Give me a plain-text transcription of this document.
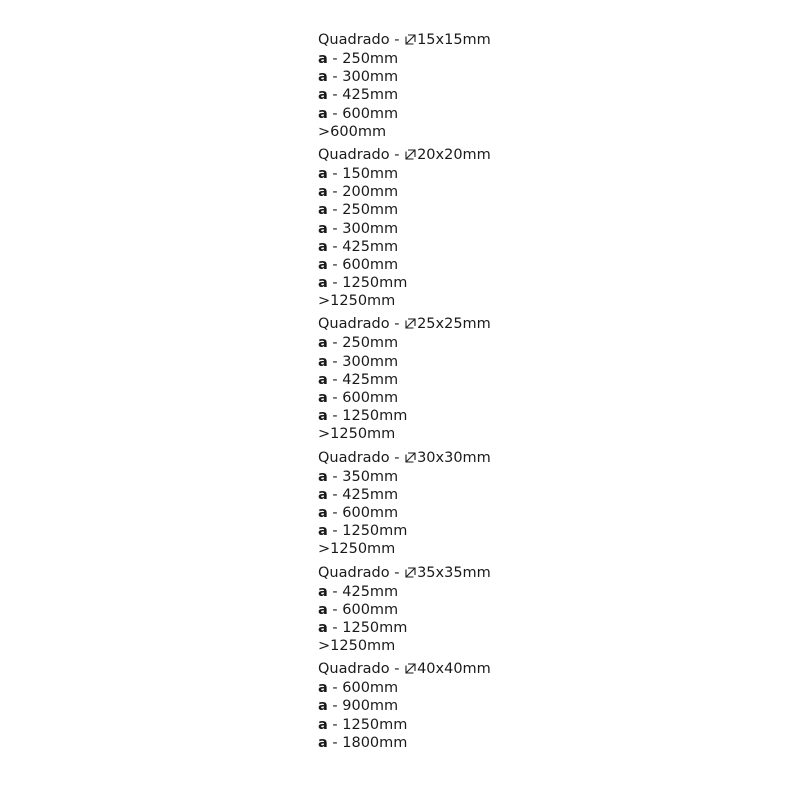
Quadrado -
15x15mm
a - 250mm
a - 300mm
a - 425mm
a - 600mm
>600mm
Quadrado -
20x20mm
a - 150mm
a - 200mm
a - 250mm
a - 300mm
a - 425mm
a - 600mm
a - 1250mm
>1250mm
Quadrado -
25x25mm
a - 250mm
a - 300mm
a - 425mm
a - 600mm
a - 1250mm
>1250mm
Quadrado -
30x30mm
a - 350mm
a - 425mm
a - 600mm
a - 1250mm
>1250mm
Quadrado -
35x35mm
a - 425mm
a - 600mm
a - 1250mm
>1250mm
Quadrado -
40x40mm
a - 600mm
a - 900mm
a - 1250mm
a - 1800mm
